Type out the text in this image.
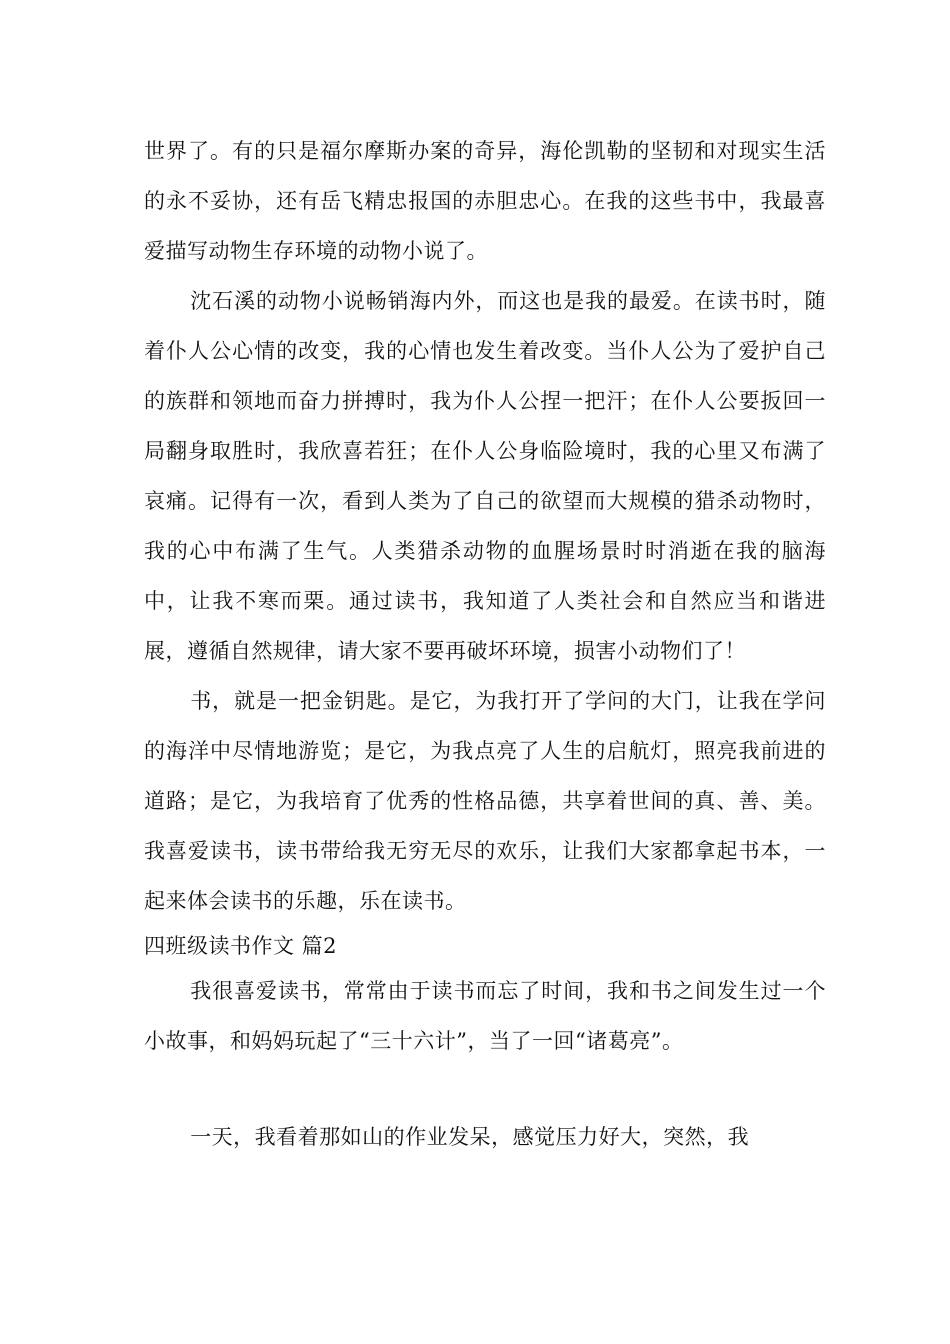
世界了。有的只是福尔摩斯办案的奇异，海伦凯勒的坚韧和对现实生活的永不妥协，还有岳飞精忠报国的赤胆忠心。在我的这些书中，我最喜爱描写动物生存环境的动物小说了。

沈石溪的动物小说畅销海内外，而这也是我的最爱。在读书时，随着仆人公心情的改变，我的心情也发生着改变。当仆人公为了爱护自己的族群和领地而奋力拼搏时，我为仆人公捏一把汗；在仆人公要扳回一局翻身取胜时，我欣喜若狂；在仆人公身临险境时，我的心里又布满了哀痛。记得有一次，看到人类为了自己的欲望而大规模的猎杀动物时，我的心中布满了生气。人类猎杀动物的血腥场景时时消逝在我的脑海中，让我不寒而栗。通过读书，我知道了人类社会和自然应当和谐进展，遵循自然规律，请大家不要再破坏环境，损害小动物们了！

书，就是一把金钥匙。是它，为我打开了学问的大门，让我在学问的海洋中尽情地游览；是它，为我点亮了人生的启航灯，照亮我前进的道路；是它，为我培育了优秀的性格品德，共享着世间的真、善、美。我喜爱读书，读书带给我无穷无尽的欢乐，让我们大家都拿起书本，一起来体会读书的乐趣，乐在读书。

四班级读书作文 篇2

我很喜爱读书，常常由于读书而忘了时间，我和书之间发生过一个小故事，和妈妈玩起了“三十六计”，当了一回“诸葛亮”。

一天，我看着那如山的作业发呆，感觉压力好大，突然，我
